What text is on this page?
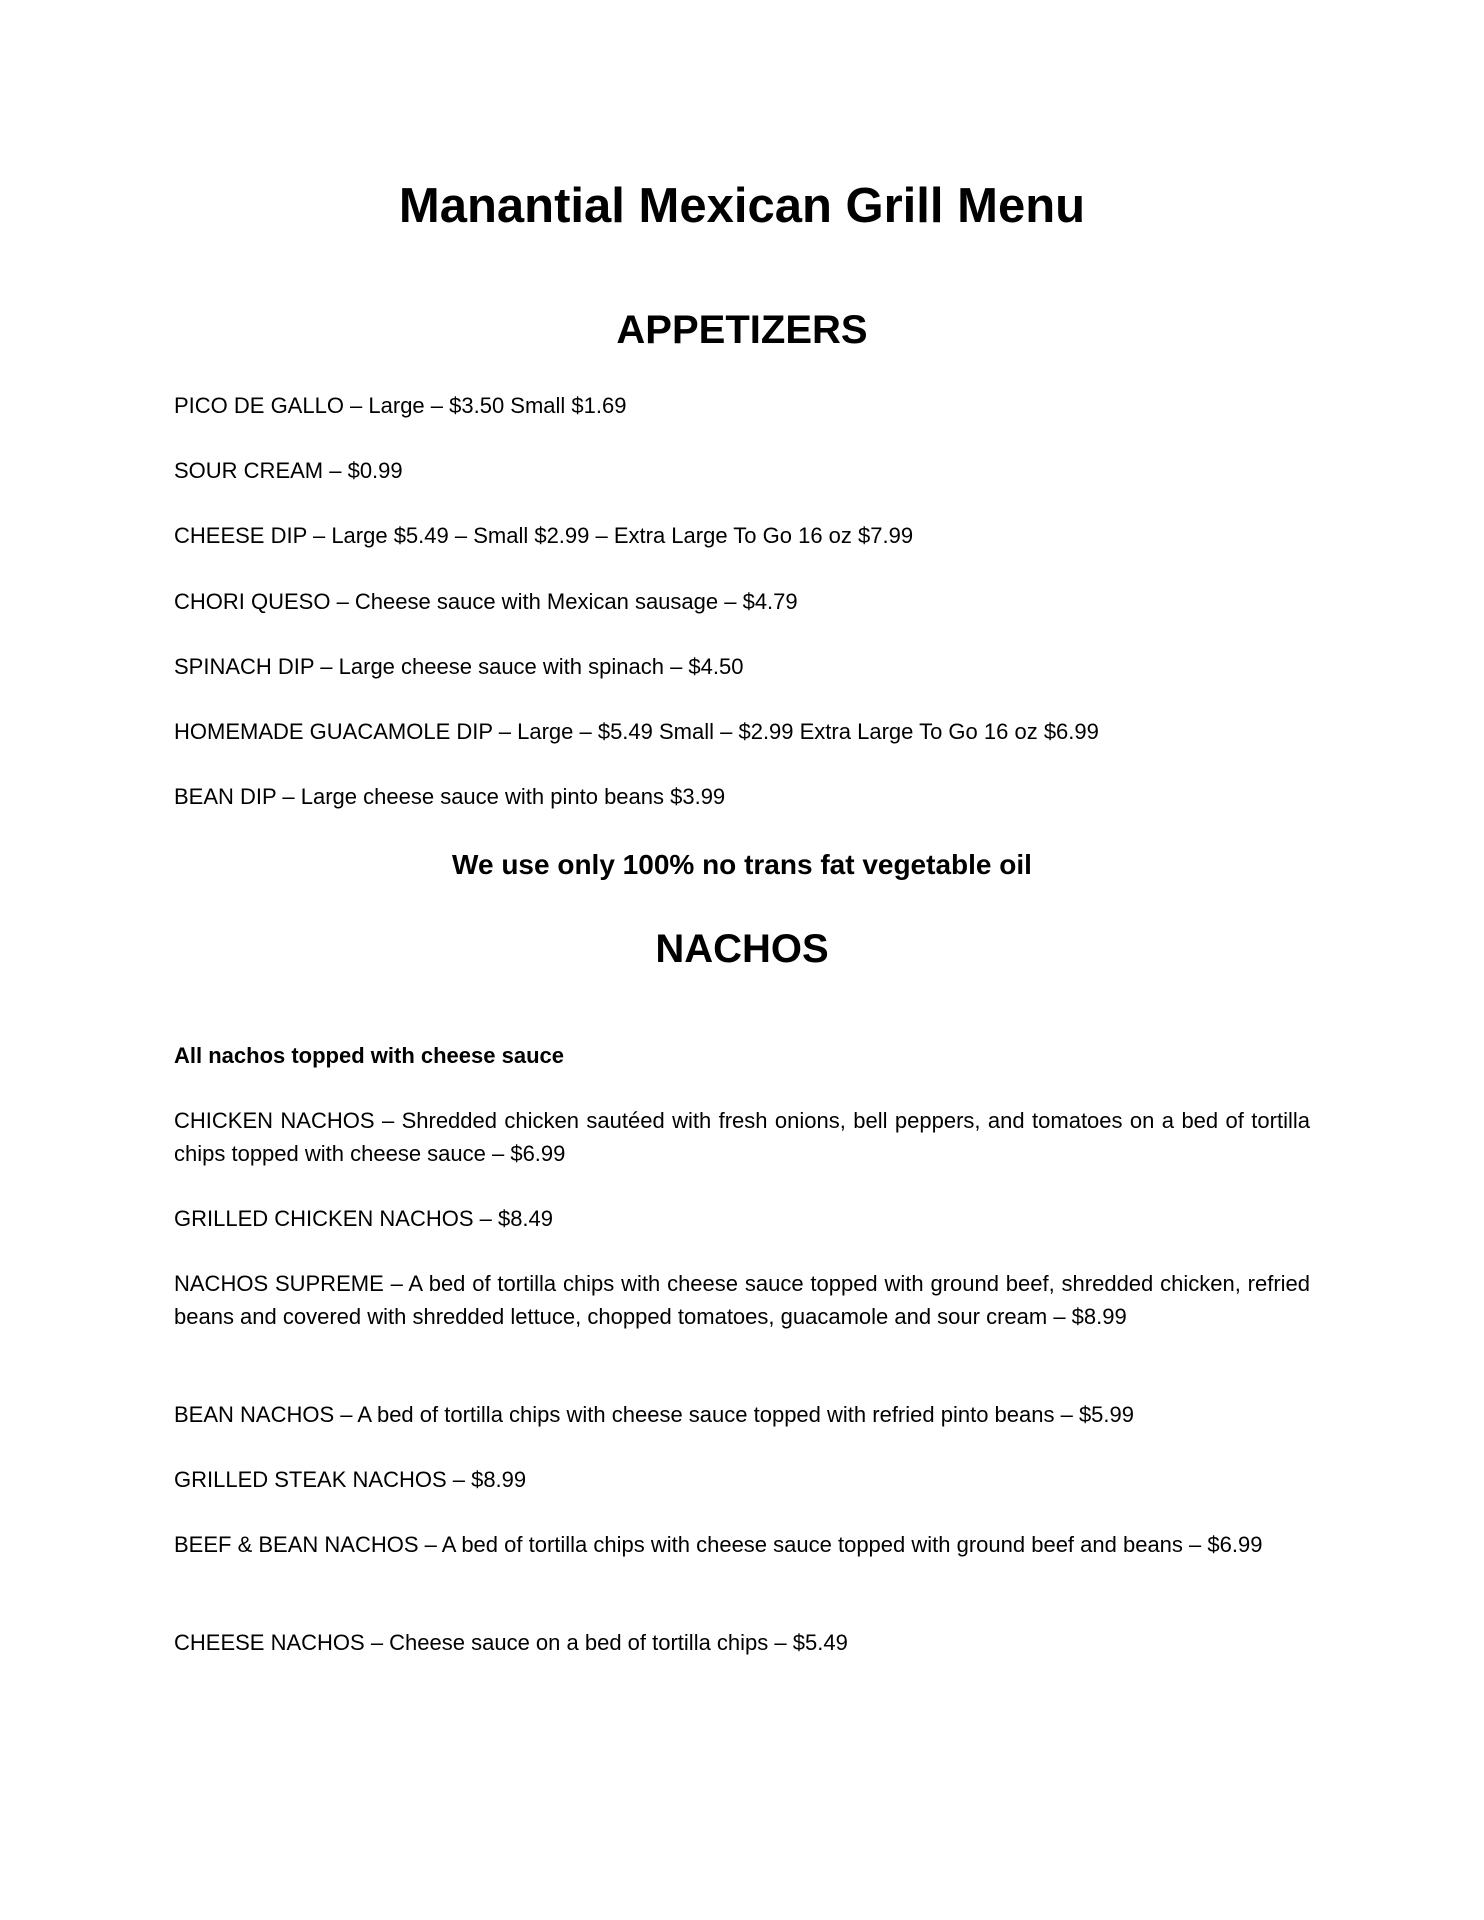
Manantial Mexican Grill Menu
APPETIZERS
PICO DE GALLO – Large – $3.50 Small $1.69
SOUR CREAM – $0.99
CHEESE DIP – Large $5.49 – Small $2.99 – Extra Large To Go 16 oz $7.99
CHORI QUESO – Cheese sauce with Mexican sausage – $4.79
SPINACH DIP – Large cheese sauce with spinach – $4.50
HOMEMADE GUACAMOLE DIP – Large – $5.49 Small – $2.99 Extra Large To Go 16 oz $6.99
BEAN DIP – Large cheese sauce with pinto beans $3.99
We use only 100% no trans fat vegetable oil
NACHOS
All nachos topped with cheese sauce
CHICKEN NACHOS – Shredded chicken sautéed with fresh onions, bell peppers, and tomatoes on a bed of tortilla chips topped with cheese sauce – $6.99
GRILLED CHICKEN NACHOS – $8.49
NACHOS SUPREME – A bed of tortilla chips with cheese sauce topped with ground beef, shredded chicken, refried beans and covered with shredded lettuce, chopped tomatoes, guacamole and sour cream – $8.99
BEAN NACHOS – A bed of tortilla chips with cheese sauce topped with refried pinto beans – $5.99
GRILLED STEAK NACHOS – $8.99
BEEF & BEAN NACHOS – A bed of tortilla chips with cheese sauce topped with ground beef and beans – $6.99
CHEESE NACHOS – Cheese sauce on a bed of tortilla chips – $5.49
